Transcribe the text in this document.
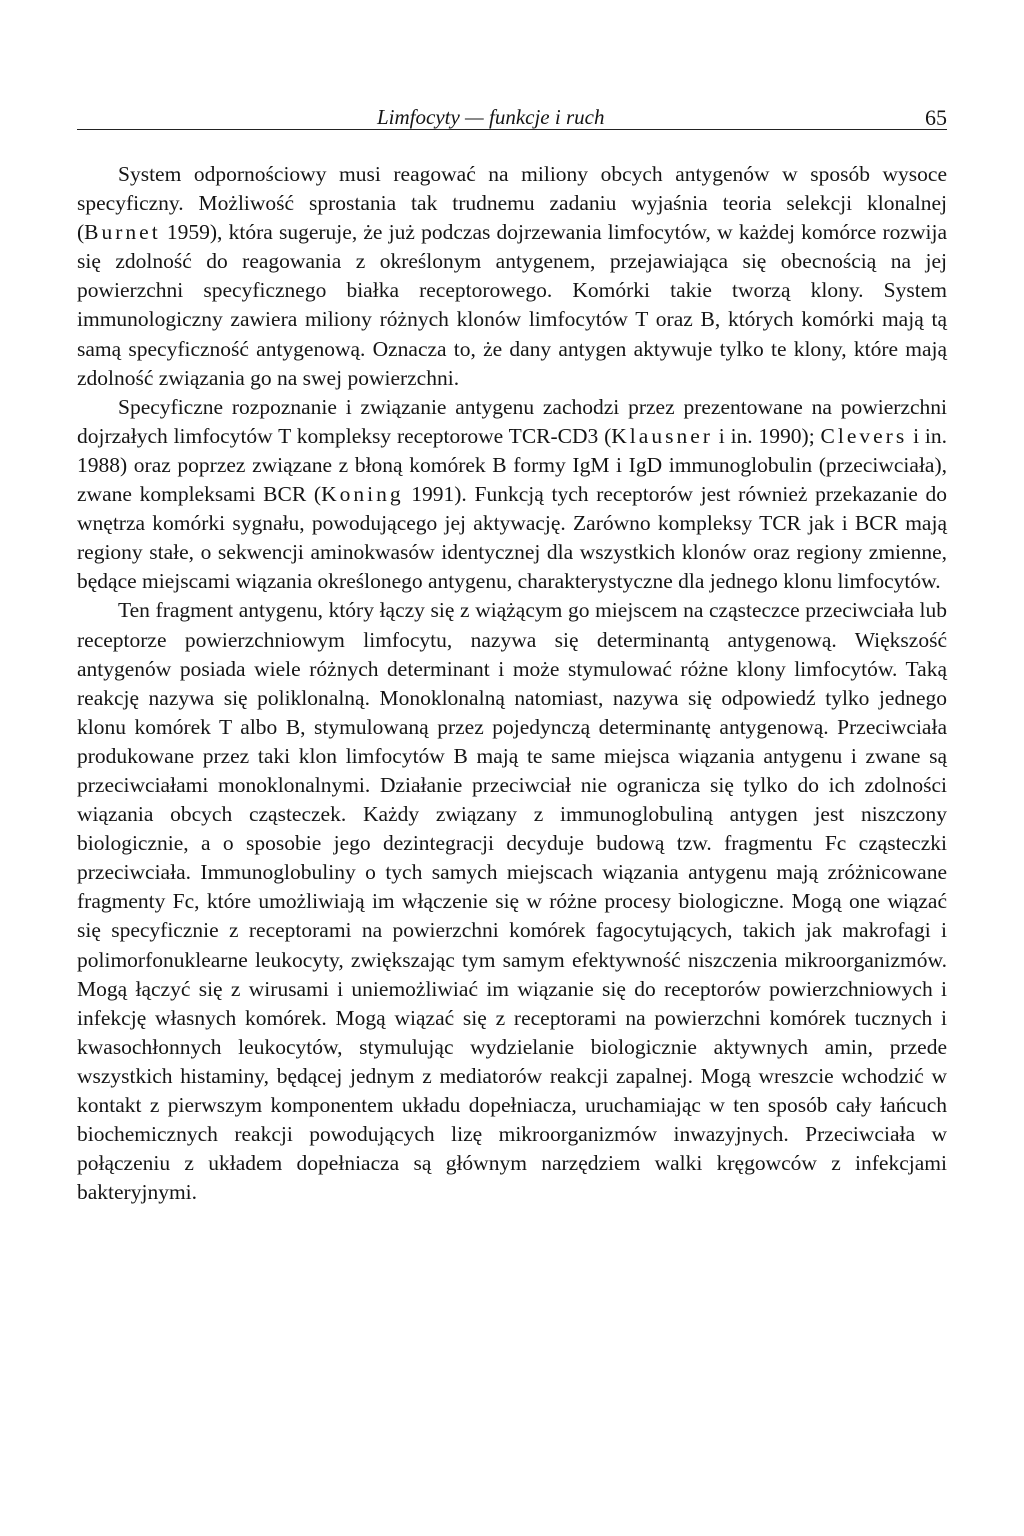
Limfocyty — funkcje i ruch	65

System odpornościowy musi reagować na miliony obcych antygenów w sposób wysoce specyficzny. Możliwość sprostania tak trudnemu zadaniu wyjaśnia teoria selekcji klonalnej (Burnet 1959), która sugeruje, że już podczas dojrzewania limfocytów, w każdej komórce rozwija się zdolność do reagowania z określonym antygenem, przejawiająca się obecnością na jej powierzchni specyficznego białka receptorowego. Komórki takie tworzą klony. System immunologiczny zawiera miliony różnych klonów limfocytów T oraz B, których komórki mają tą samą specyficzność antygenową. Oznacza to, że dany antygen aktywuje tylko te klony, które mają zdolność związania go na swej powierzchni.

Specyficzne rozpoznanie i związanie antygenu zachodzi przez prezentowane na powierzchni dojrzałych limfocytów T kompleksy receptorowe TCR-CD3 (Klausner i in. 1990); Clevers i in. 1988) oraz poprzez związane z błoną komórek B formy IgM i IgD immunoglobulin (przeciwciała), zwane kompleksami BCR (Koning 1991). Funkcją tych receptorów jest również przekazanie do wnętrza komórki sygnału, powodującego jej aktywację. Zarówno kompleksy TCR jak i BCR mają regiony stałe, o sekwencji aminokwasów identycznej dla wszystkich klonów oraz regiony zmienne, będące miejscami wiązania określonego antygenu, charakterystyczne dla jednego klonu limfocytów.

Ten fragment antygenu, który łączy się z wiążącym go miejscem na cząsteczce przeciwciała lub receptorze powierzchniowym limfocytu, nazywa się determinantą antygenową. Większość antygenów posiada wiele różnych determinant i może stymulować różne klony limfocytów. Taką reakcję nazywa się poliklonalną. Monoklonalną natomiast, nazywa się odpowiedź tylko jednego klonu komórek T albo B, stymulowaną przez pojedynczą determinantę antygenową. Przeciwciała produkowane przez taki klon limfocytów B mają te same miejsca wiązania antygenu i zwane są przeciwciałami monoklonalnymi. Działanie przeciwciał nie ogranicza się tylko do ich zdolności wiązania obcych cząsteczek. Każdy związany z immunoglobuliną antygen jest niszczony biologicznie, a o sposobie jego dezintegracji decyduje budową tzw. fragmentu Fc cząsteczki przeciwciała. Immunoglobuliny o tych samych miejscach wiązania antygenu mają zróżnicowane fragmenty Fc, które umożliwiają im włączenie się w różne procesy biologiczne. Mogą one wiązać się specyficznie z receptorami na powierzchni komórek fagocytujących, takich jak makrofagi i polimorfonuklearne leukocyty, zwiększając tym samym efektywność niszczenia mikroorganizmów. Mogą łączyć się z wirusami i uniemożliwiać im wiązanie się do receptorów powierzchniowych i infekcję własnych komórek. Mogą wiązać się z receptorami na powierzchni komórek tucznych i kwasochłonnych leukocytów, stymulując wydzielanie biologicznie aktywnych amin, przede wszystkich histaminy, będącej jednym z mediatorów reakcji zapalnej. Mogą wreszcie wchodzić w kontakt z pierwszym komponentem układu dopełniacza, uruchamiając w ten sposób cały łańcuch biochemicznych reakcji powodujących lizę mikroorganizmów inwazyjnych. Przeciwciała w połączeniu z układem dopełniacza są głównym narzędziem walki kręgowców z infekcjami bakteryjnymi.
